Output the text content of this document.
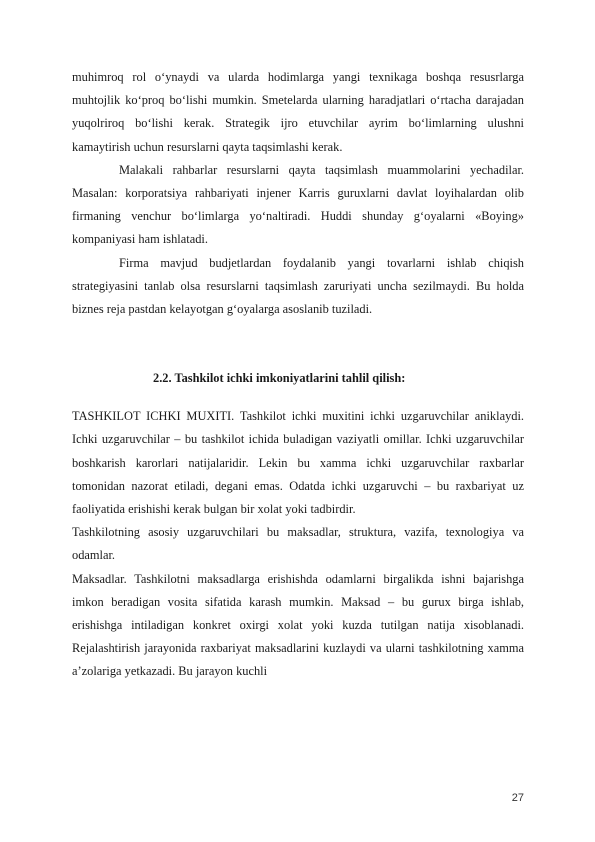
muhimroq rol o‘ynaydi va ularda hodimlarga yangi texnikaga boshqa resusrlarga muhtojlik ko‘proq bo‘lishi mumkin. Smetelarda ularning haradjatlari o‘rtacha darajadan yuqolriroq bo‘lishi kerak. Strategik ijro etuvchilar ayrim bo‘limlarning ulushni kamaytirish uchun resurslarni qayta taqsimlashi kerak.

Malakali rahbarlar resurslarni qayta taqsimlash muammolarini yechadilar. Masalan: korporatsiya rahbariyati injener Karris guruxlarni davlat loyihalardan olib firmaning venchur bo‘limlarga yo‘naltiradi. Huddi shunday g‘oyalarni «Boying» kompaniyasi ham ishlatadi.

Firma mavjud budjetlardan foydalanib yangi tovarlarni ishlab chiqish strategiyasini tanlab olsa resurslarni taqsimlash zaruriyati uncha sezilmaydi. Bu holda biznes reja pastdan kelayotgan g‘oyalarga asoslanib tuziladi.

2.2. Tashkilot ichki imkoniyatlarini tahlil qilish:

TASHKILOT ICHKI MUXITI. Tashkilot ichki muxitini ichki uzgaruvchilar aniklaydi. Ichki uzgaruvchilar – bu tashkilot ichida buladigan vaziyatli omillar. Ichki uzgaruvchilar boshkarish karorlari natijalaridir. Lekin bu xamma ichki uzgaruvchilar raxbarlar tomonidan nazorat etiladi, degani emas. Odatda ichki uzgaruvchi – bu raxbariyat uz faoliyatida erishishi kerak bulgan bir xolat yoki tadbirdir.

Tashkilotning asosiy uzgaruvchilari bu maksadlar, struktura, vazifa, texnologiya va odamlar.

Maksadlar. Tashkilotni maksadlarga erishishda odamlarni birgalikda ishni bajarishga imkon beradigan vosita sifatida karash mumkin. Maksad – bu gurux birga ishlab, erishishga intiladigan konkret oxirgi xolat yoki kuzda tutilgan natija xisoblanadi. Rejalashtirish jarayonida raxbariyat maksadlarini kuzlaydi va ularni tashkilotning xamma a’zolariga yetkazadi. Bu jarayon kuchli

27
